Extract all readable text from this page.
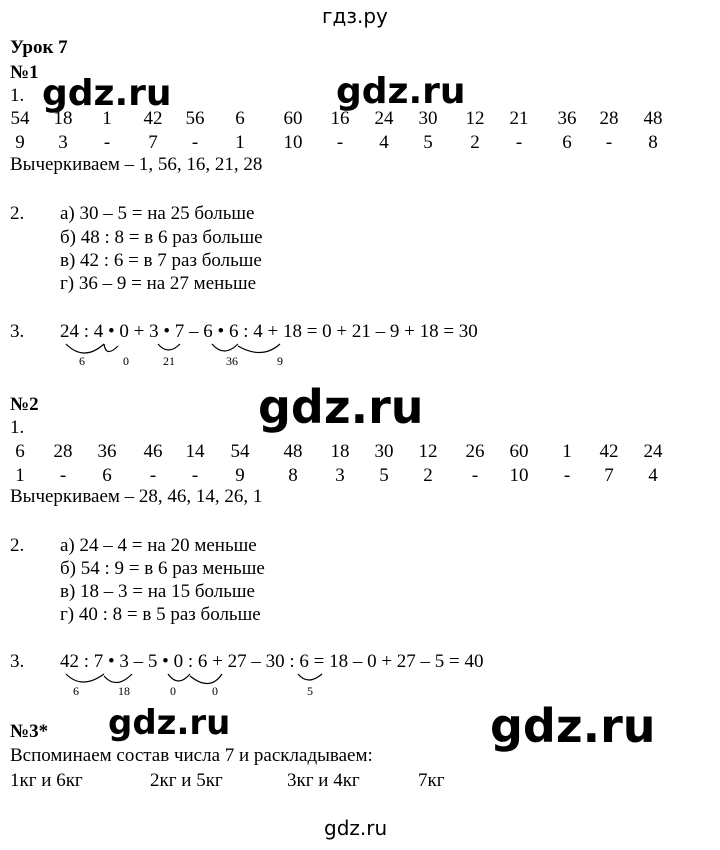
гдз.ру
Урок 7
№1
1.
54 18 1 42 56 6 60 16 24 30 12 21 36 28 48
9 3 - 7 - 1 10 - 4 5 2 - 6 - 8
Вычеркиваем – 1, 56, 16, 21, 28
2. а) 30 – 5 = на 25 больше
б) 48 : 8 = в 6 раз больше
в) 42 : 6 = в 7 раз больше
г) 36 – 9 = на 27 меньше
3. 24 : 4 • 0 + 3 • 7 – 6 • 6 : 4 + 18 = 0 + 21 – 9 + 18 = 30
6	0	21	36	9
№2
1.
6 28 36 46 14 54 48 18 30 12 26 60 1 42 24
1 - 6 - - 9 8 3 5 2 - 10 - 7 4
Вычеркиваем – 28, 46, 14, 26, 1
2. а) 24 – 4 = на 20 меньше
б) 54 : 9 = в 6 раз меньше
в) 18 – 3 = на 15 больше
г) 40 : 8 = в 5 раз больше
3. 42 : 7 • 3 – 5 • 0 : 6 + 27 – 30 : 6 = 18 – 0 + 27 – 5 = 40
6	18	0	0	5
№3*
Вспоминаем состав числа 7 и раскладываем:
1кг и 6кг	2кг и 5кг	3кг и 4кг	7кг
gdz.ru	gdz.ru
gdz.ru
gdz.ru	gdz.ru
gdz.ru
